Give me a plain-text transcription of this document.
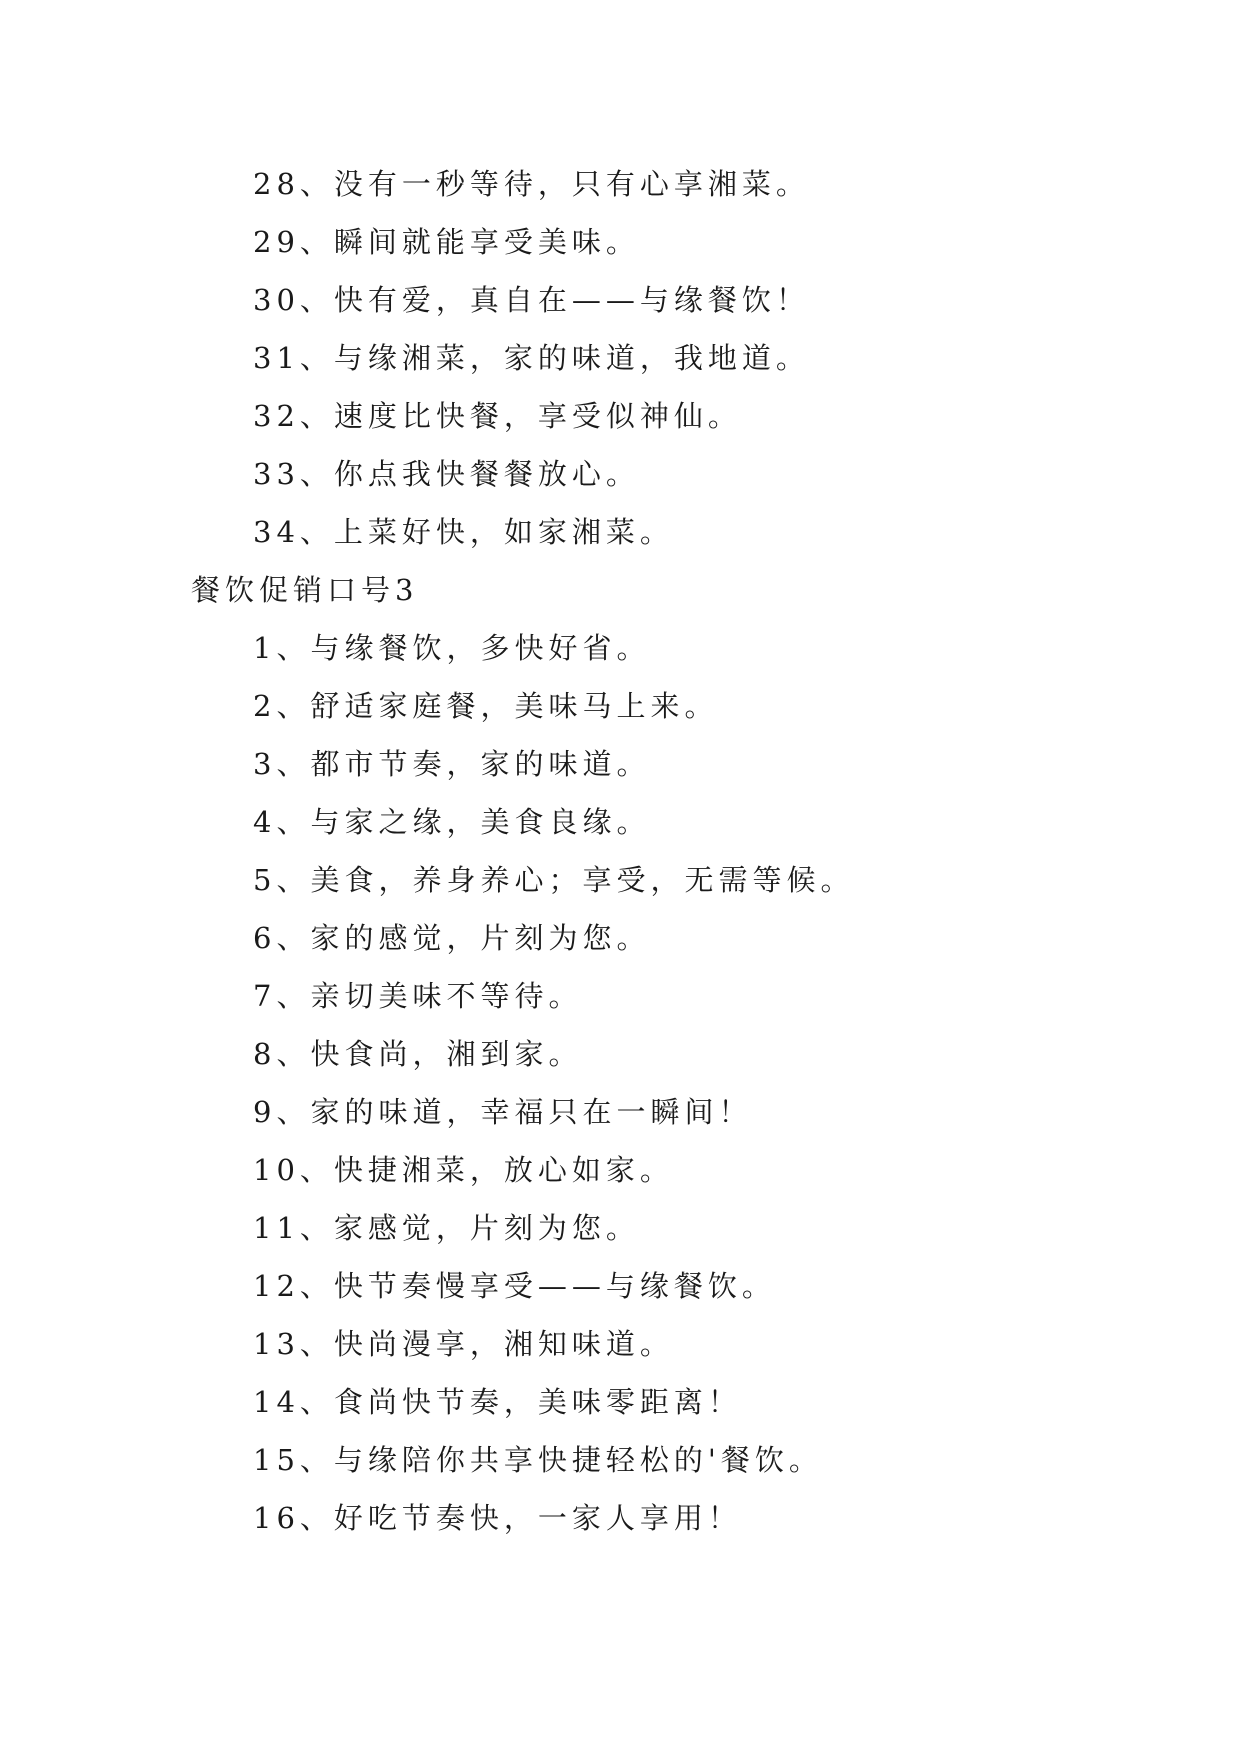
28、没有一秒等待，只有心享湘菜。
29、瞬间就能享受美味。
30、快有爱，真自在——与缘餐饮！
31、与缘湘菜，家的味道，我地道。
32、速度比快餐，享受似神仙。
33、你点我快餐餐放心。
34、上菜好快，如家湘菜。
餐饮促销口号3
1、与缘餐饮，多快好省。
2、舒适家庭餐，美味马上来。
3、都市节奏，家的味道。
4、与家之缘，美食良缘。
5、美食，养身养心；享受，无需等候。
6、家的感觉，片刻为您。
7、亲切美味不等待。
8、快食尚，湘到家。
9、家的味道，幸福只在一瞬间！
10、快捷湘菜，放心如家。
11、家感觉，片刻为您。
12、快节奏慢享受——与缘餐饮。
13、快尚漫享，湘知味道。
14、食尚快节奏，美味零距离！
15、与缘陪你共享快捷轻松的'餐饮。
16、好吃节奏快，一家人享用！
